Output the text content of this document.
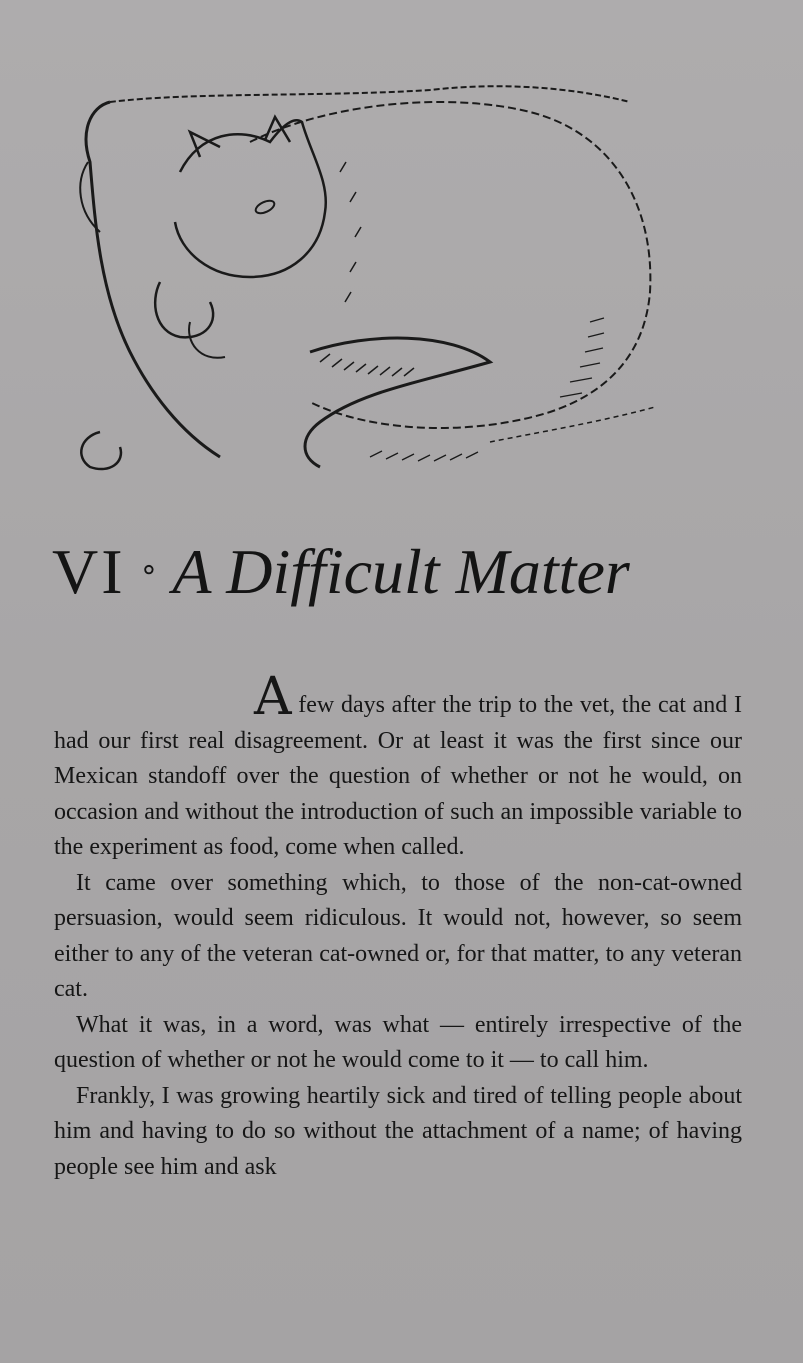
VI ∘ A Difficult Matter

A few days after the trip to the vet, the cat and I had our first real disagreement. Or at least it was the first since our Mexican standoff over the question of whether or not he would, on occasion and without the introduction of such an impossible variable to the experiment as food, come when called.

It came over something which, to those of the non-cat-owned persuasion, would seem ridiculous. It would not, however, so seem either to any of the veteran cat-owned or, for that matter, to any veteran cat.

What it was, in a word, was what — entirely irrespective of the question of whether or not he would come to it — to call him.

Frankly, I was growing heartily sick and tired of telling people about him and having to do so without the attachment of a name; of having people see him and ask
